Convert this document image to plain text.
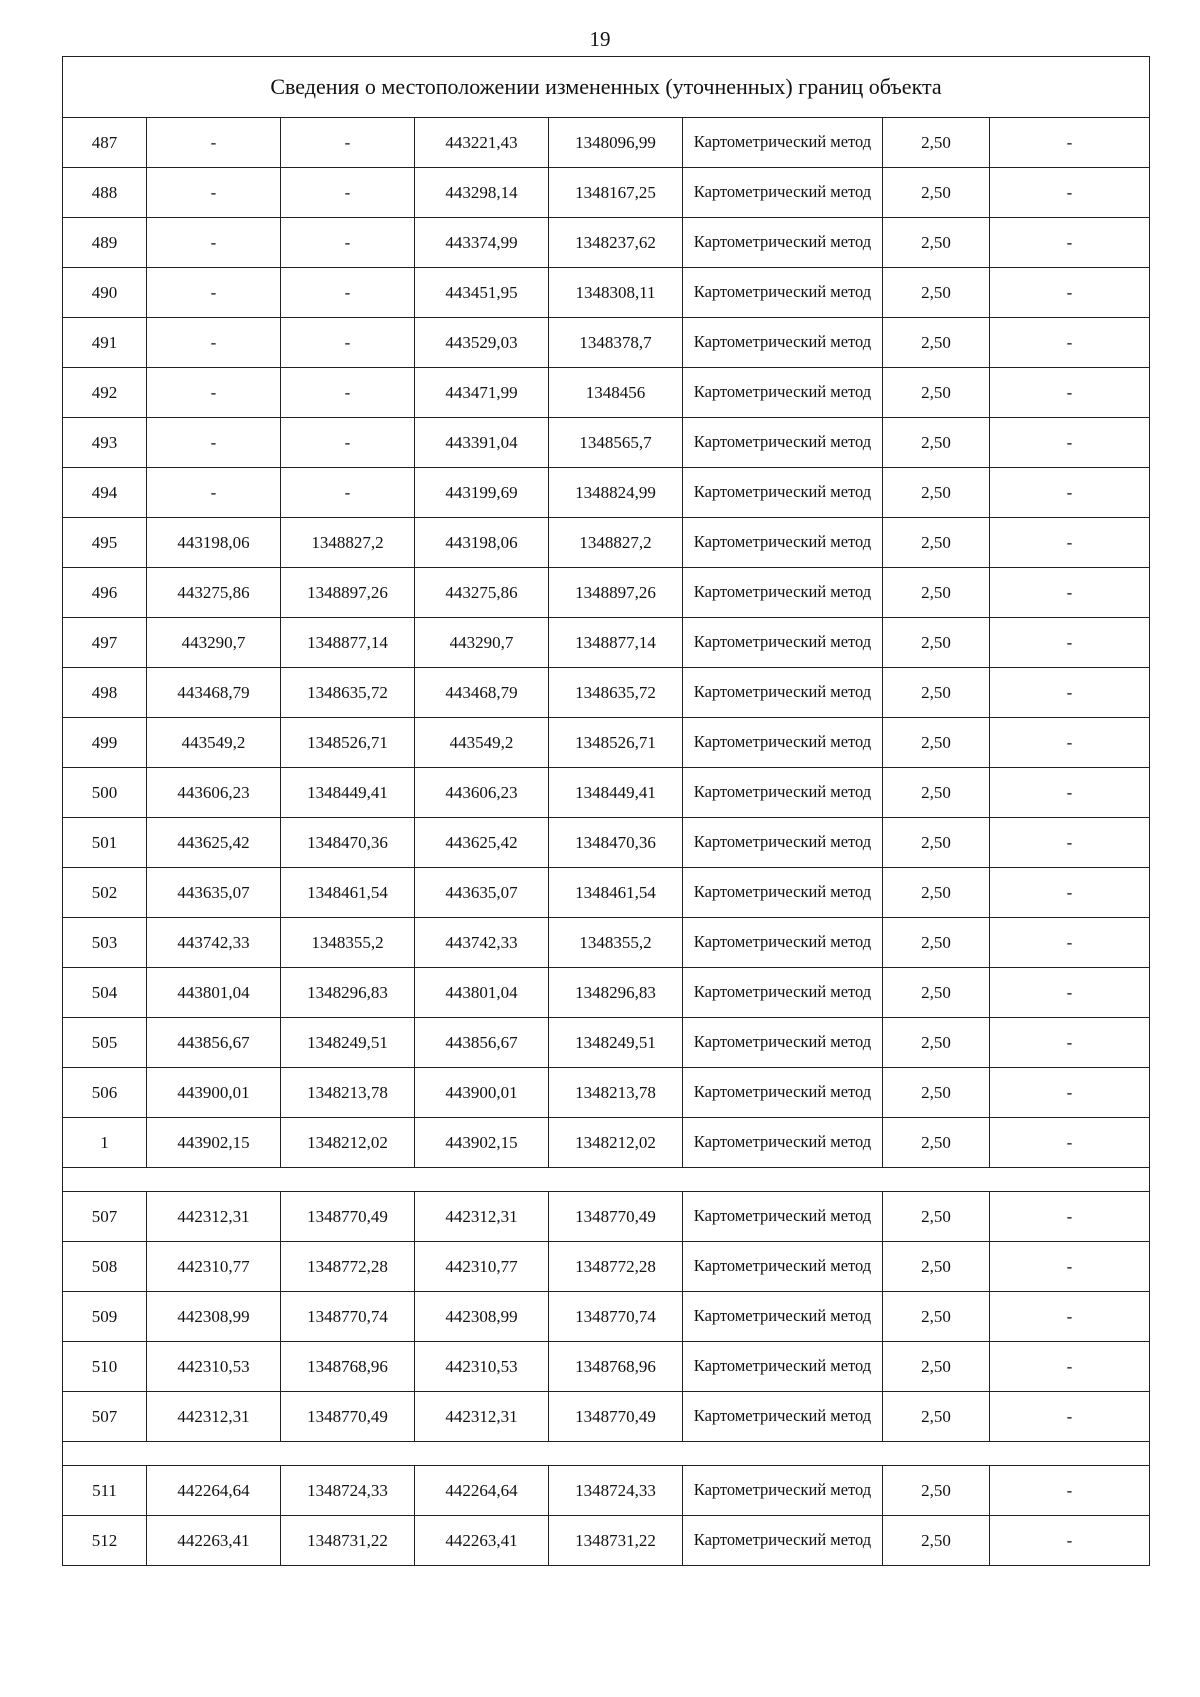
19
Сведения о местоположении измененных (уточненных) границ объекта							
487	-	-	443221,43	1348096,99	Картометрический метод	2,50	-
488	-	-	443298,14	1348167,25	Картометрический метод	2,50	-
489	-	-	443374,99	1348237,62	Картометрический метод	2,50	-
490	-	-	443451,95	1348308,11	Картометрический метод	2,50	-
491	-	-	443529,03	1348378,7	Картометрический метод	2,50	-
492	-	-	443471,99	1348456	Картометрический метод	2,50	-
493	-	-	443391,04	1348565,7	Картометрический метод	2,50	-
494	-	-	443199,69	1348824,99	Картометрический метод	2,50	-
495	443198,06	1348827,2	443198,06	1348827,2	Картометрический метод	2,50	-
496	443275,86	1348897,26	443275,86	1348897,26	Картометрический метод	2,50	-
497	443290,7	1348877,14	443290,7	1348877,14	Картометрический метод	2,50	-
498	443468,79	1348635,72	443468,79	1348635,72	Картометрический метод	2,50	-
499	443549,2	1348526,71	443549,2	1348526,71	Картометрический метод	2,50	-
500	443606,23	1348449,41	443606,23	1348449,41	Картометрический метод	2,50	-
501	443625,42	1348470,36	443625,42	1348470,36	Картометрический метод	2,50	-
502	443635,07	1348461,54	443635,07	1348461,54	Картометрический метод	2,50	-
503	443742,33	1348355,2	443742,33	1348355,2	Картометрический метод	2,50	-
504	443801,04	1348296,83	443801,04	1348296,83	Картометрический метод	2,50	-
505	443856,67	1348249,51	443856,67	1348249,51	Картометрический метод	2,50	-
506	443900,01	1348213,78	443900,01	1348213,78	Картометрический метод	2,50	-
1	443902,15	1348212,02	443902,15	1348212,02	Картометрический метод	2,50	-

507	442312,31	1348770,49	442312,31	1348770,49	Картометрический метод	2,50	-
508	442310,77	1348772,28	442310,77	1348772,28	Картометрический метод	2,50	-
509	442308,99	1348770,74	442308,99	1348770,74	Картометрический метод	2,50	-
510	442310,53	1348768,96	442310,53	1348768,96	Картометрический метод	2,50	-
507	442312,31	1348770,49	442312,31	1348770,49	Картометрический метод	2,50	-

511	442264,64	1348724,33	442264,64	1348724,33	Картометрический метод	2,50	-
512	442263,41	1348731,22	442263,41	1348731,22	Картометрический метод	2,50	-
